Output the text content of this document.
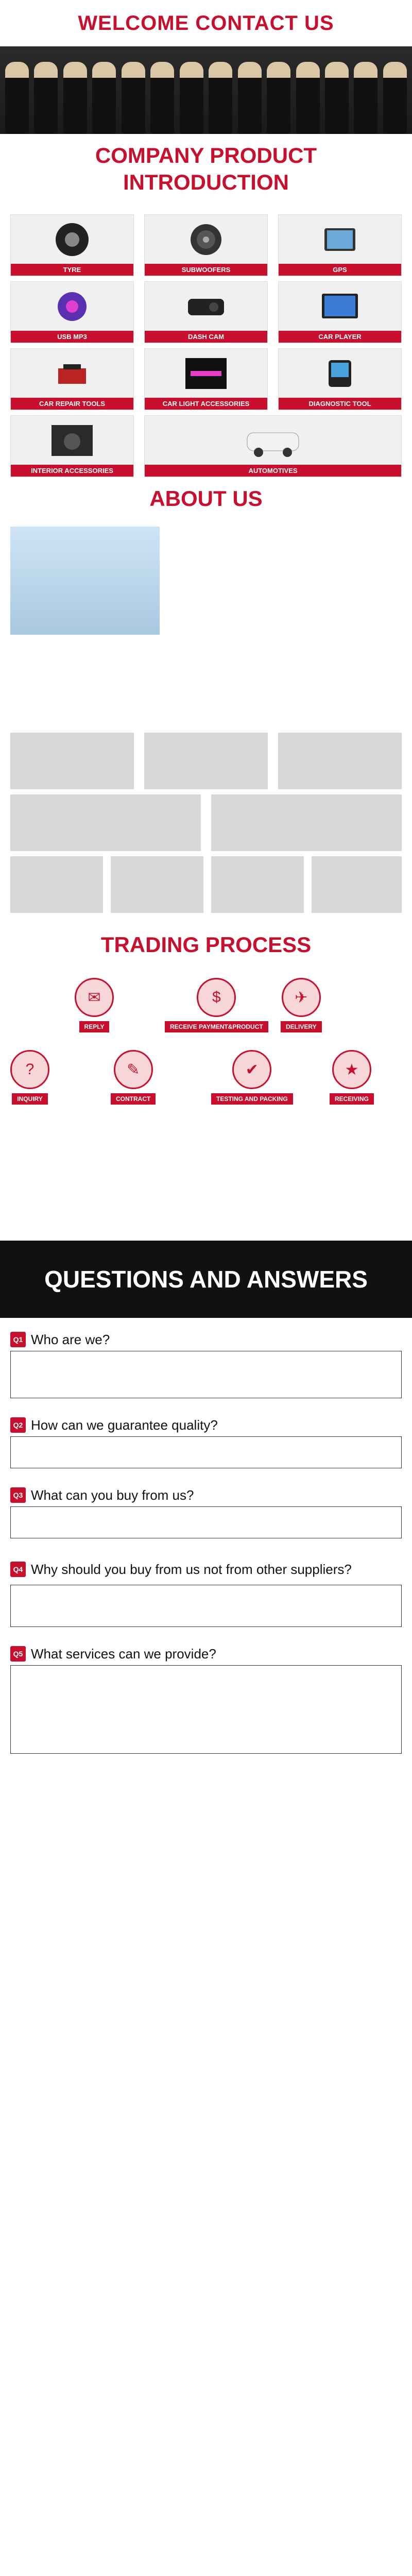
WELCOME CONTACT US
COMPANY PRODUCT
INTRODUCTION
TYRE	SUBWOOFERS	GPS
USB MP3	DASH CAM	CAR PLAYER
CAR REPAIR TOOLS	CAR LIGHT ACCESSORIES	DIAGNOSTIC TOOL
INTERIOR ACCESSORIES	AUTOMOTIVES
ABOUT US
TRADING PROCESS
✉
REPLY
$
RECEIVE PAYMENT&PRODUCT
✈
DELIVERY
?
INQUIRY
✎
CONTRACT
✔
TESTING AND PACKING
★
RECEIVING
QUESTIONS AND ANSWERS
Q1 Who are we?
Q2 How can we guarantee quality?
Q3 What can you buy from us?
Q4 Why should you buy from us not from other suppliers?
Q5 What services can we provide?
